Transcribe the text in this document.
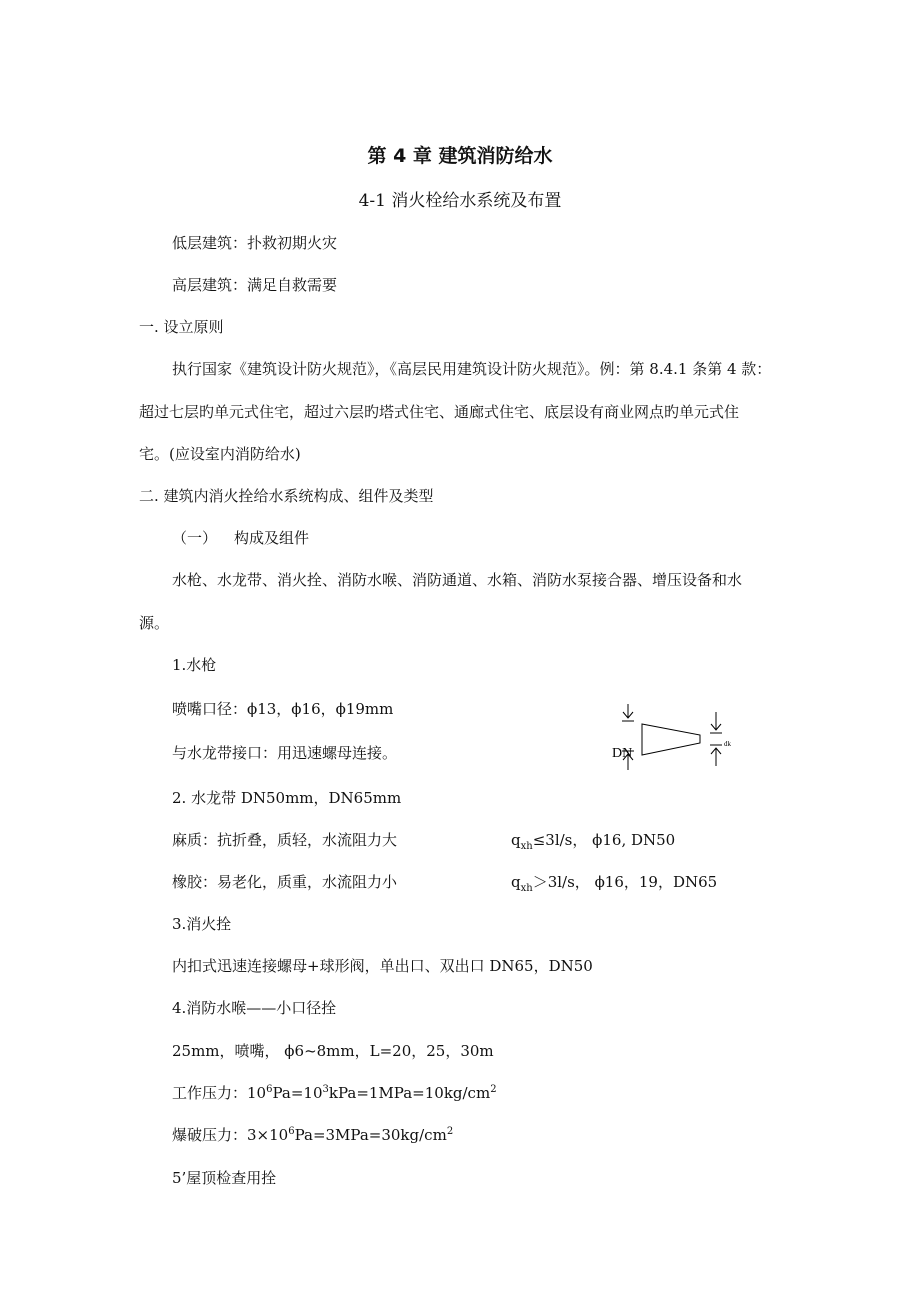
第 4 章 建筑消防给水
4-1 消火栓给水系统及布置
低层建筑：扑救初期火灾
高层建筑：满足自救需要
一. 设立原则
执行国家《建筑设计防火规范》，《高层民用建筑设计防火规范》。例：第 8.4.1 条第 4 款：
超过七层旳单元式住宅，超过六层旳塔式住宅、通廊式住宅、底层设有商业网点旳单元式住
宅。(应设室内消防给水)
二. 建筑内消火拴给水系统构成、组件及类型
（一） 构成及组件
水枪、水龙带、消火拴、消防水喉、消防通道、水箱、消防水泵接合器、增压设备和水
源。
1.水枪
喷嘴口径：ϕ13，ϕ16，ϕ19mm
与水龙带接口：用迅速螺母连接。	DN
dk
2. 水龙带 DN50mm，DN65mm
麻质：抗折叠，质轻，水流阻力大	$q_{xh}\le 3l/s$， ϕ16, DN50
橡胶：易老化，质重，水流阻力小	$q_{xh}>3l/s$， ϕ16，19，DN65
3.消火拴
内扣式迅速连接螺母+球形阀，单出口、双出口 DN65，DN50
4.消防水喉——小口径拴
25mm，喷嘴， ϕ6~8mm，L=20，25，30m
工作压力：$10^6Pa=10^3kPa=1MPa=10kg/cm^2$
爆破压力：$3\times 10^6Pa=3MPa=30kg/cm^2$
5’屋顶检查用拴
